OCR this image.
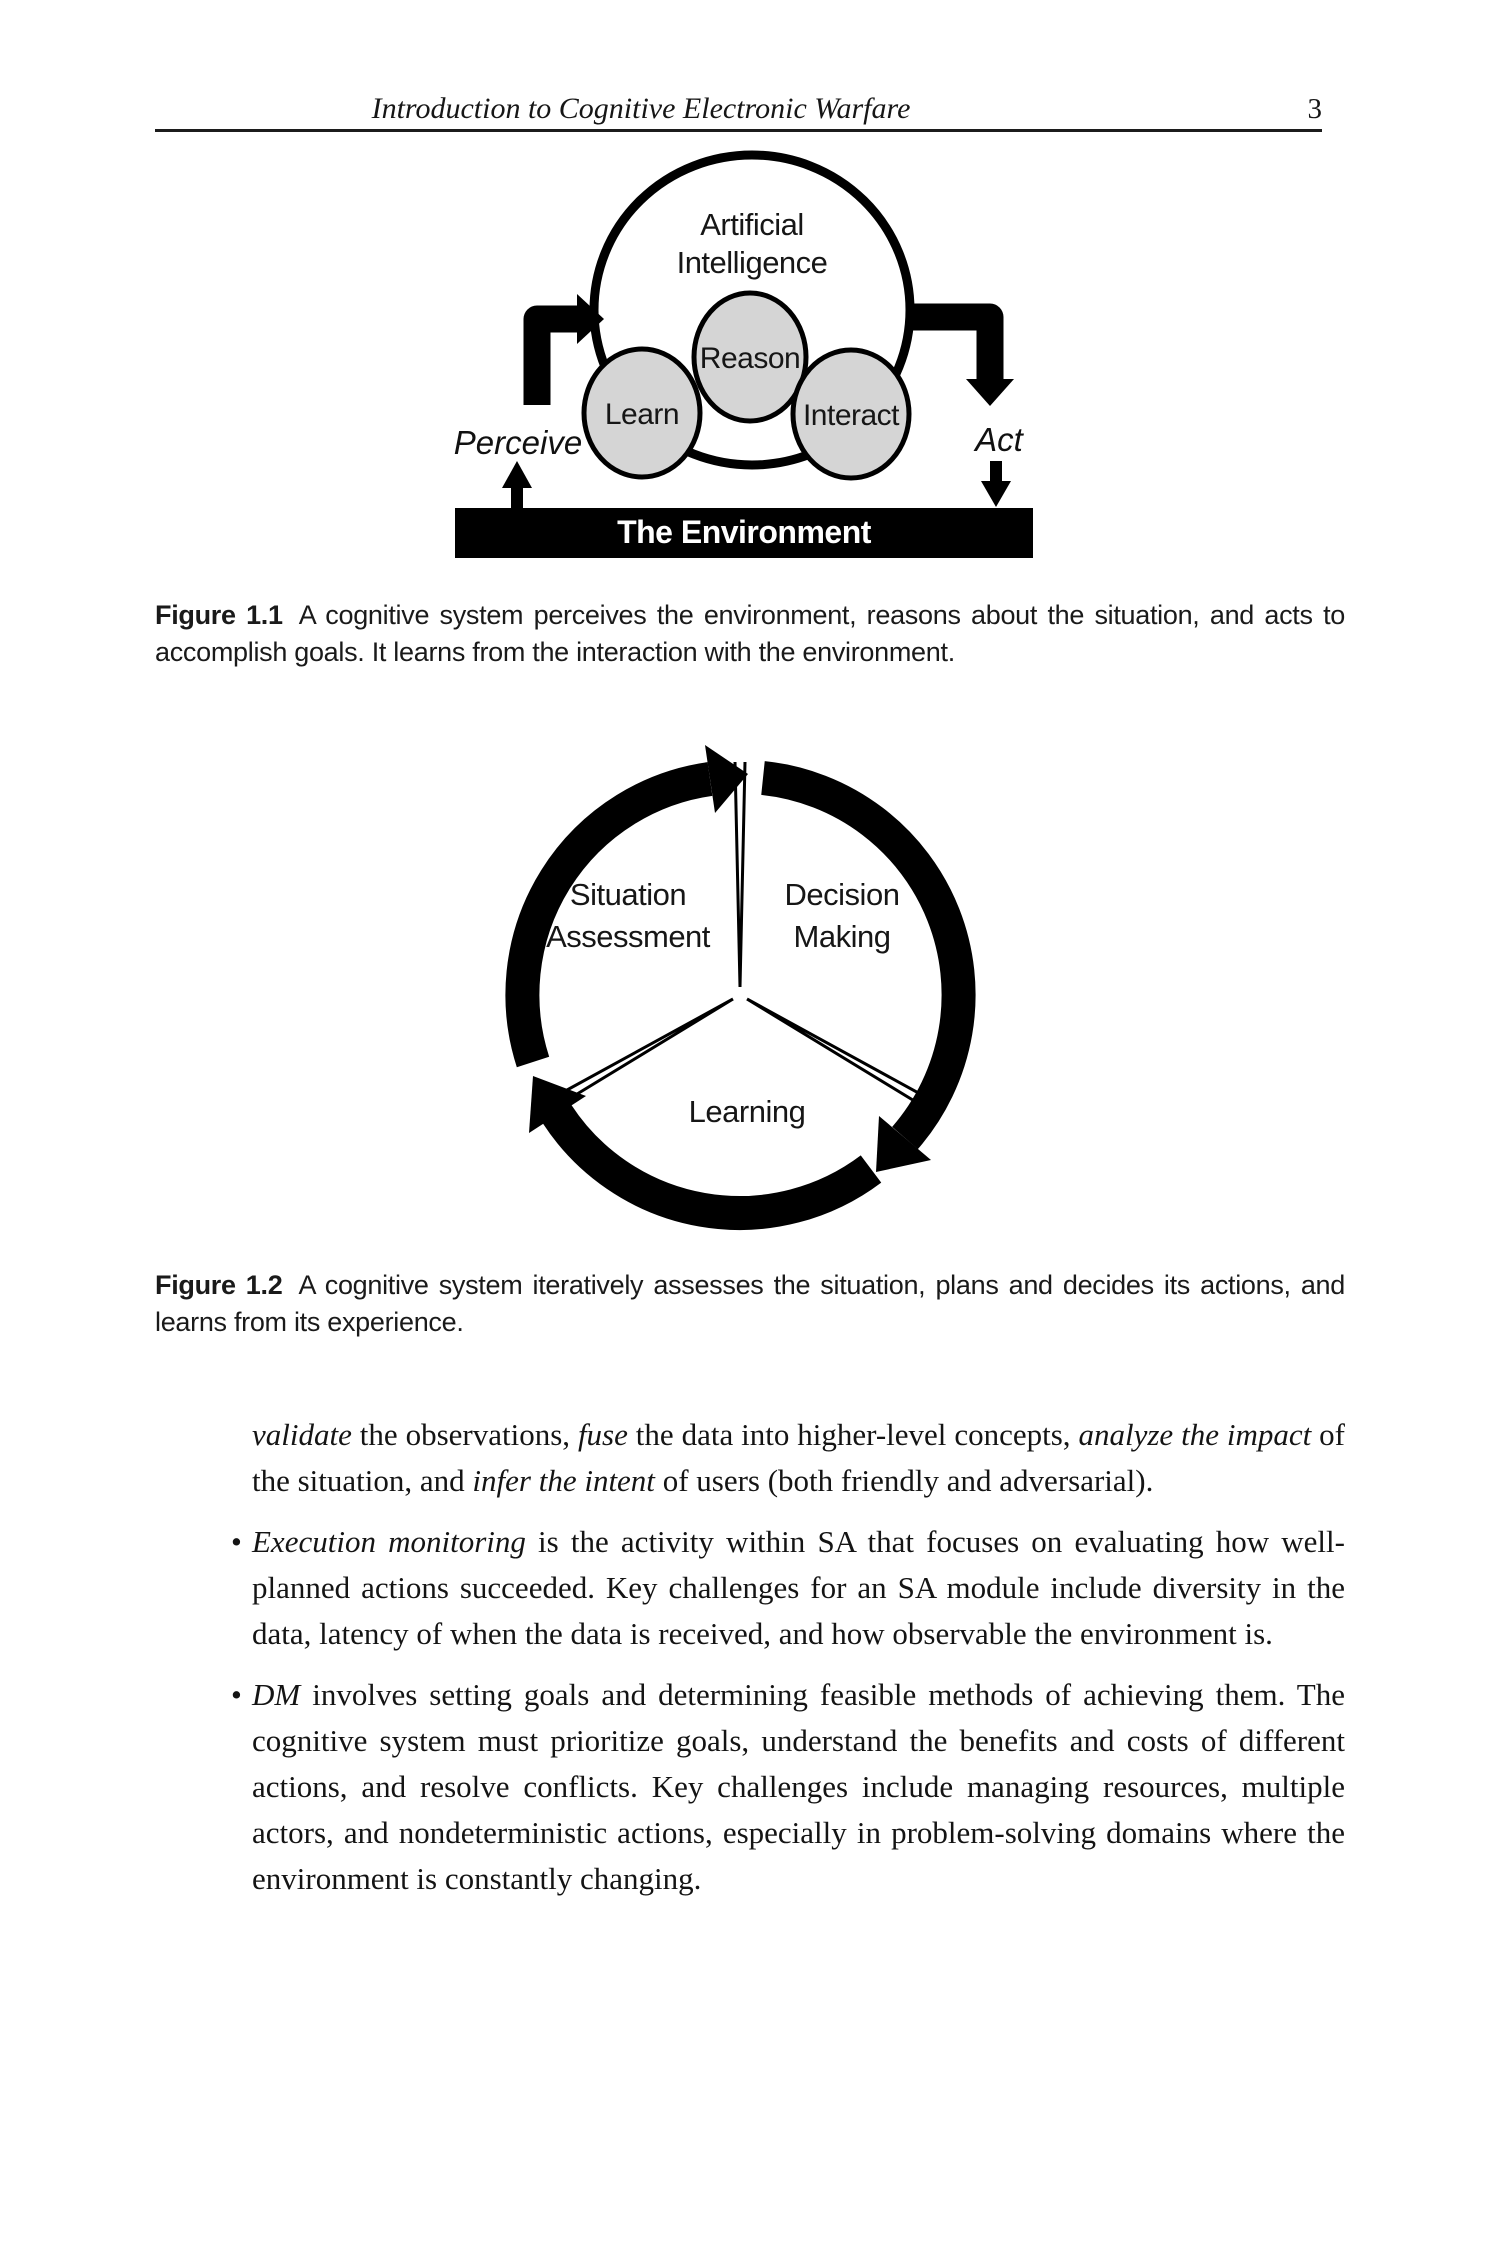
Introduction to Cognitive Electronic Warfare	3
Artificial
Intelligence
Reason
Learn	Interact
Perceive	Act
The Environment
Figure 1.1 A cognitive system perceives the environment, reasons about the situation, and acts to accomplish goals. It learns from the interaction with the environment.
Situation
Assessment
Decision
Making
Learning
Figure 1.2 A cognitive system iteratively assesses the situation, plans and decides its actions, and learns from its experience.

validate the observations, fuse the data into higher-level concepts, analyze the impact of the situation, and infer the intent of users (both friendly and adversarial).

• Execution monitoring is the activity within SA that focuses on evaluating how well-planned actions succeeded. Key challenges for an SA module include diversity in the data, latency of when the data is received, and how observable the environment is.
• DM involves setting goals and determining feasible methods of achieving them. The cognitive system must prioritize goals, understand the benefits and costs of different actions, and resolve conflicts. Key challenges include managing resources, multiple actors, and nondeterministic actions, especially in problem-solving domains where the environment is constantly changing.
